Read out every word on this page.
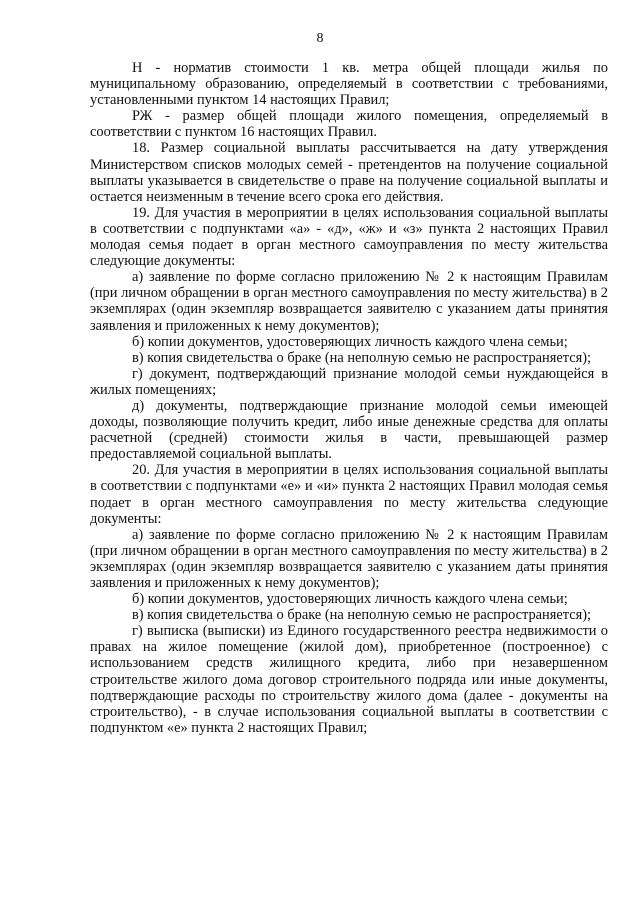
8

Н - норматив стоимости 1 кв. метра общей площади жилья по муниципальному образованию, определяемый в соответствии с требованиями, установленными пунктом 14 настоящих Правил;

РЖ - размер общей площади жилого помещения, определяемый в соответствии с пунктом 16 настоящих Правил.

18. Размер социальной выплаты рассчитывается на дату утверждения Министерством списков молодых семей - претендентов на получение социальной выплаты указывается в свидетельстве о праве на получение социальной выплаты и остается неизменным в течение всего срока его действия.

19. Для участия в мероприятии в целях использования социальной выплаты в соответствии с подпунктами «а» - «д», «ж» и «з» пункта 2 настоящих Правил молодая семья подает в орган местного самоуправления по месту жительства следующие документы:

а) заявление по форме согласно приложению № 2 к настоящим Правилам (при личном обращении в орган местного самоуправления по месту жительства) в 2 экземплярах (один экземпляр возвращается заявителю с указанием даты принятия заявления и приложенных к нему документов);

б) копии документов, удостоверяющих личность каждого члена семьи;

в) копия свидетельства о браке (на неполную семью не распространяется);

г) документ, подтверждающий признание молодой семьи нуждающейся в жилых помещениях;

д) документы, подтверждающие признание молодой семьи имеющей доходы, позволяющие получить кредит, либо иные денежные средства для оплаты расчетной (средней) стоимости жилья в части, превышающей размер предоставляемой социальной выплаты.

20. Для участия в мероприятии в целях использования социальной выплаты в соответствии с подпунктами «е» и «и» пункта 2 настоящих Правил молодая семья подает в орган местного самоуправления по месту жительства следующие документы:

а) заявление по форме согласно приложению № 2 к настоящим Правилам (при личном обращении в орган местного самоуправления по месту жительства) в 2 экземплярах (один экземпляр возвращается заявителю с указанием даты принятия заявления и приложенных к нему документов);

б) копии документов, удостоверяющих личность каждого члена семьи;

в) копия свидетельства о браке (на неполную семью не распространяется);

г) выписка (выписки) из Единого государственного реестра недвижимости о правах на жилое помещение (жилой дом), приобретенное (построенное) с использованием средств жилищного кредита, либо при незавершенном строительстве жилого дома договор строительного подряда или иные документы, подтверждающие расходы по строительству жилого дома (далее - документы на строительство), - в случае использования социальной выплаты в соответствии с подпунктом «е» пункта 2 настоящих Правил;
